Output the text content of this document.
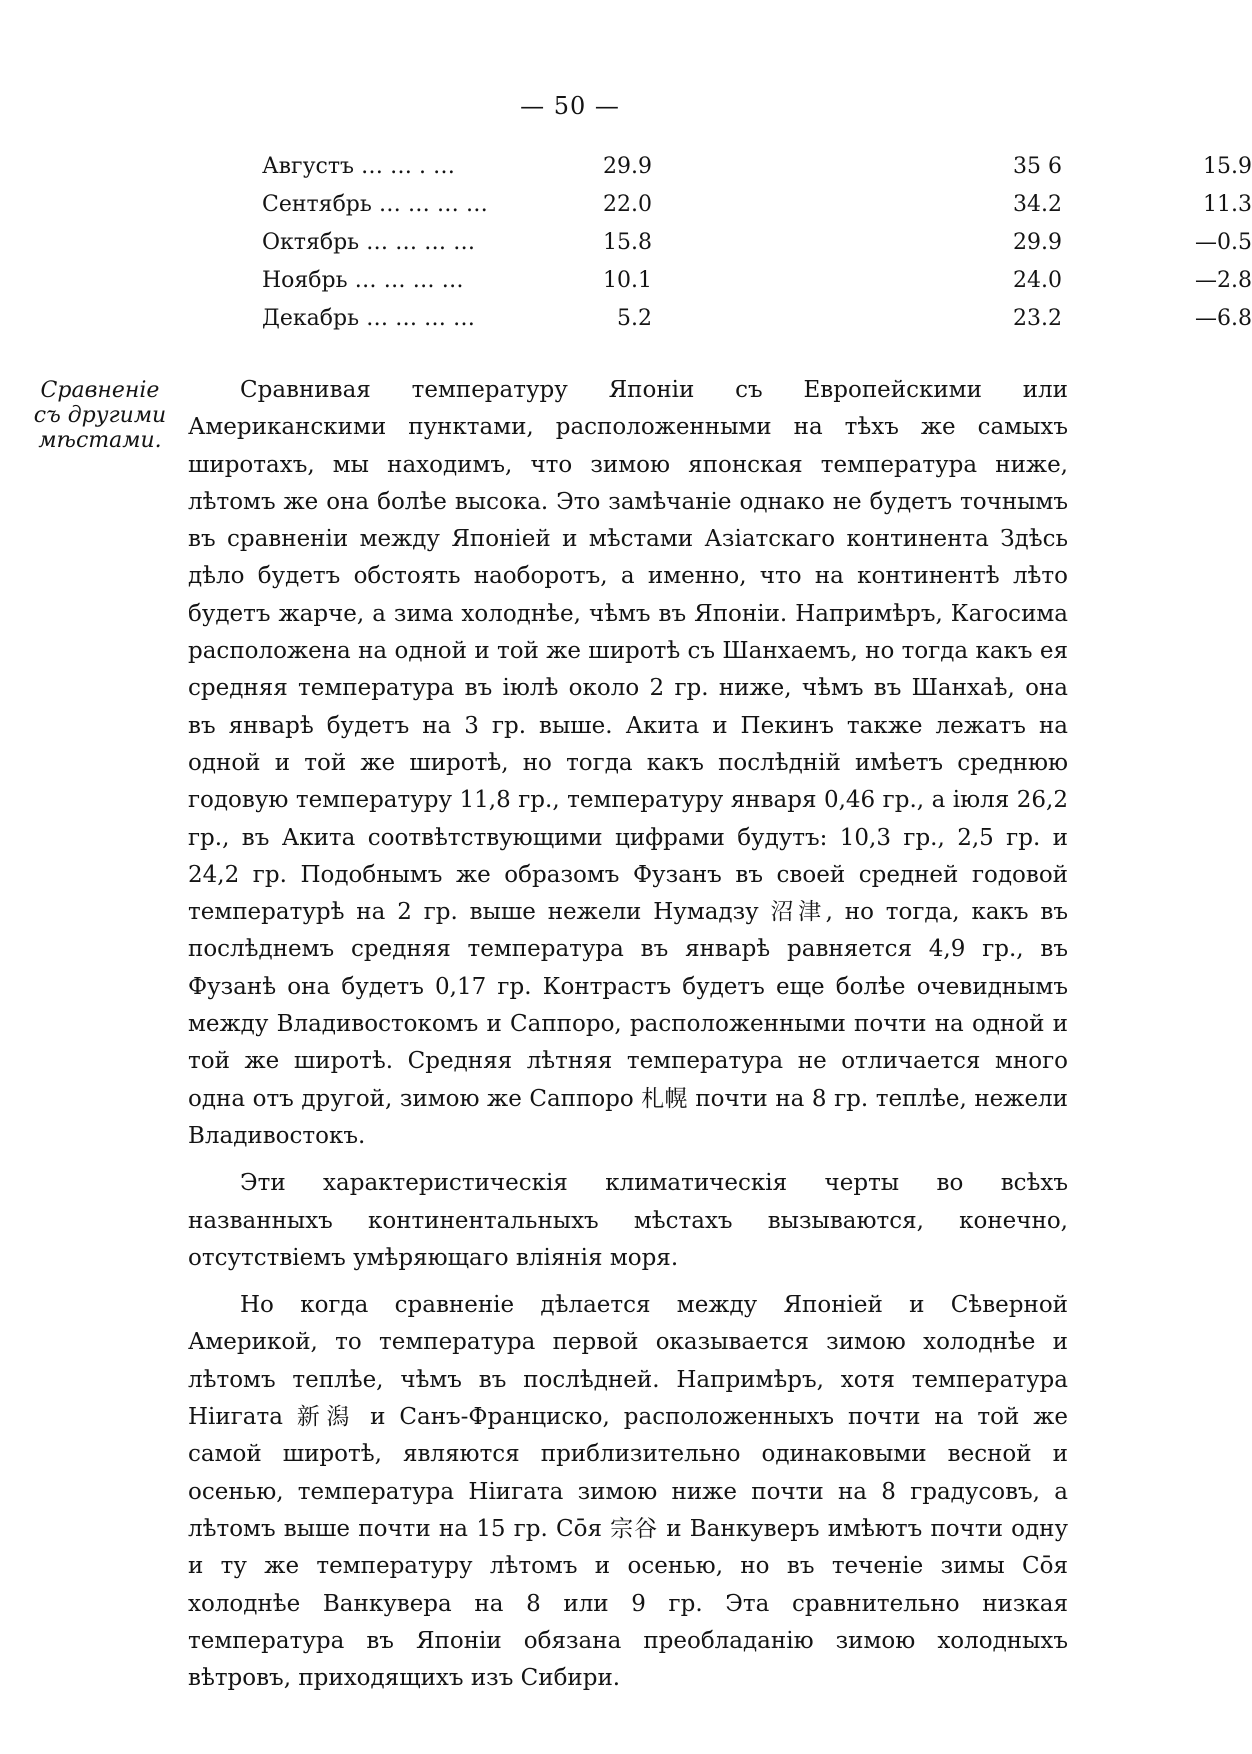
— 50 —
Августъ … … . …	29.9	35 6	15.9
Сентябрь … … … …	22.0	34.2	11.3
Октябрь … … … …	15.8	29.9	—0.5
Ноябрь … … … …	10.1	24.0	—2.8
Декабрь … … … …	5.2	23.2	—6.8
Сравненіе съ другими мѣстами.

Сравнивая температуру Японіи съ Европейскими или Американскими пунктами, расположенными на тѣхъ же самыхъ широтахъ, мы находимъ, что зимою японская температура ниже, лѣтомъ же она болѣе высока. Это замѣчаніе однако не будетъ точнымъ въ сравненіи между Японіей и мѣстами Азіатскаго континента Здѣсь дѣло будетъ обстоять наоборотъ, а именно, что на континентѣ лѣто будетъ жарче, а зима холоднѣе, чѣмъ въ Японіи. Напримѣръ, Кагосима расположена на одной и той же широтѣ съ Шанхаемъ, но тогда какъ ея средняя температура въ іюлѣ около 2 гр. ниже, чѣмъ въ Шанхаѣ, она въ январѣ будетъ на 3 гр. выше. Акита и Пекинъ также лежатъ на одной и той же широтѣ, но тогда какъ послѣдній имѣетъ среднюю годовую температуру 11,8 гр., температуру января 0,46 гр., а іюля 26,2 гр., въ Акита соотвѣтствующими цифрами будутъ: 10,3 гр., 2,5 гр. и 24,2 гр. Подобнымъ же образомъ Фузанъ въ своей средней годовой температурѣ на 2 гр. выше нежели Нумадзу 沼津, но тогда, какъ въ послѣднемъ средняя температура въ январѣ равняется 4,9 гр., въ Фузанѣ она будетъ 0,17 гр. Контрастъ будетъ еще болѣе очевиднымъ между Владивостокомъ и Саппоро, расположенными почти на одной и той же широтѣ. Средняя лѣтняя температура не отличается много одна отъ другой, зимою же Саппоро 札幌 почти на 8 гр. теплѣе, нежели Владивостокъ.

Эти характеристическія климатическія черты во всѣхъ названныхъ континентальныхъ мѣстахъ вызываются, конечно, отсутствіемъ умѣряющаго вліянія моря.

Но когда сравненіе дѣлается между Японіей и Сѣверной Америкой, то температура первой оказывается зимою холоднѣе и лѣтомъ теплѣе, чѣмъ въ послѣдней. Напримѣръ, хотя температура Ніигата 新潟 и Санъ-Франциско, расположенныхъ почти на той же самой широтѣ, являются приблизительно одинаковыми весной и осенью, температура Ніигата зимою ниже почти на 8 градусовъ, а лѣтомъ выше почти на 15 гр. Сōя 宗谷 и Ванкуверъ имѣютъ почти одну и ту же температуру лѣтомъ и осенью, но въ теченіе зимы Сōя холоднѣе Ванкувера на 8 или 9 гр. Эта сравнительно низкая температура въ Японіи обязана преобладанію зимою холодныхъ вѣтровъ, приходящихъ изъ Сибири.
